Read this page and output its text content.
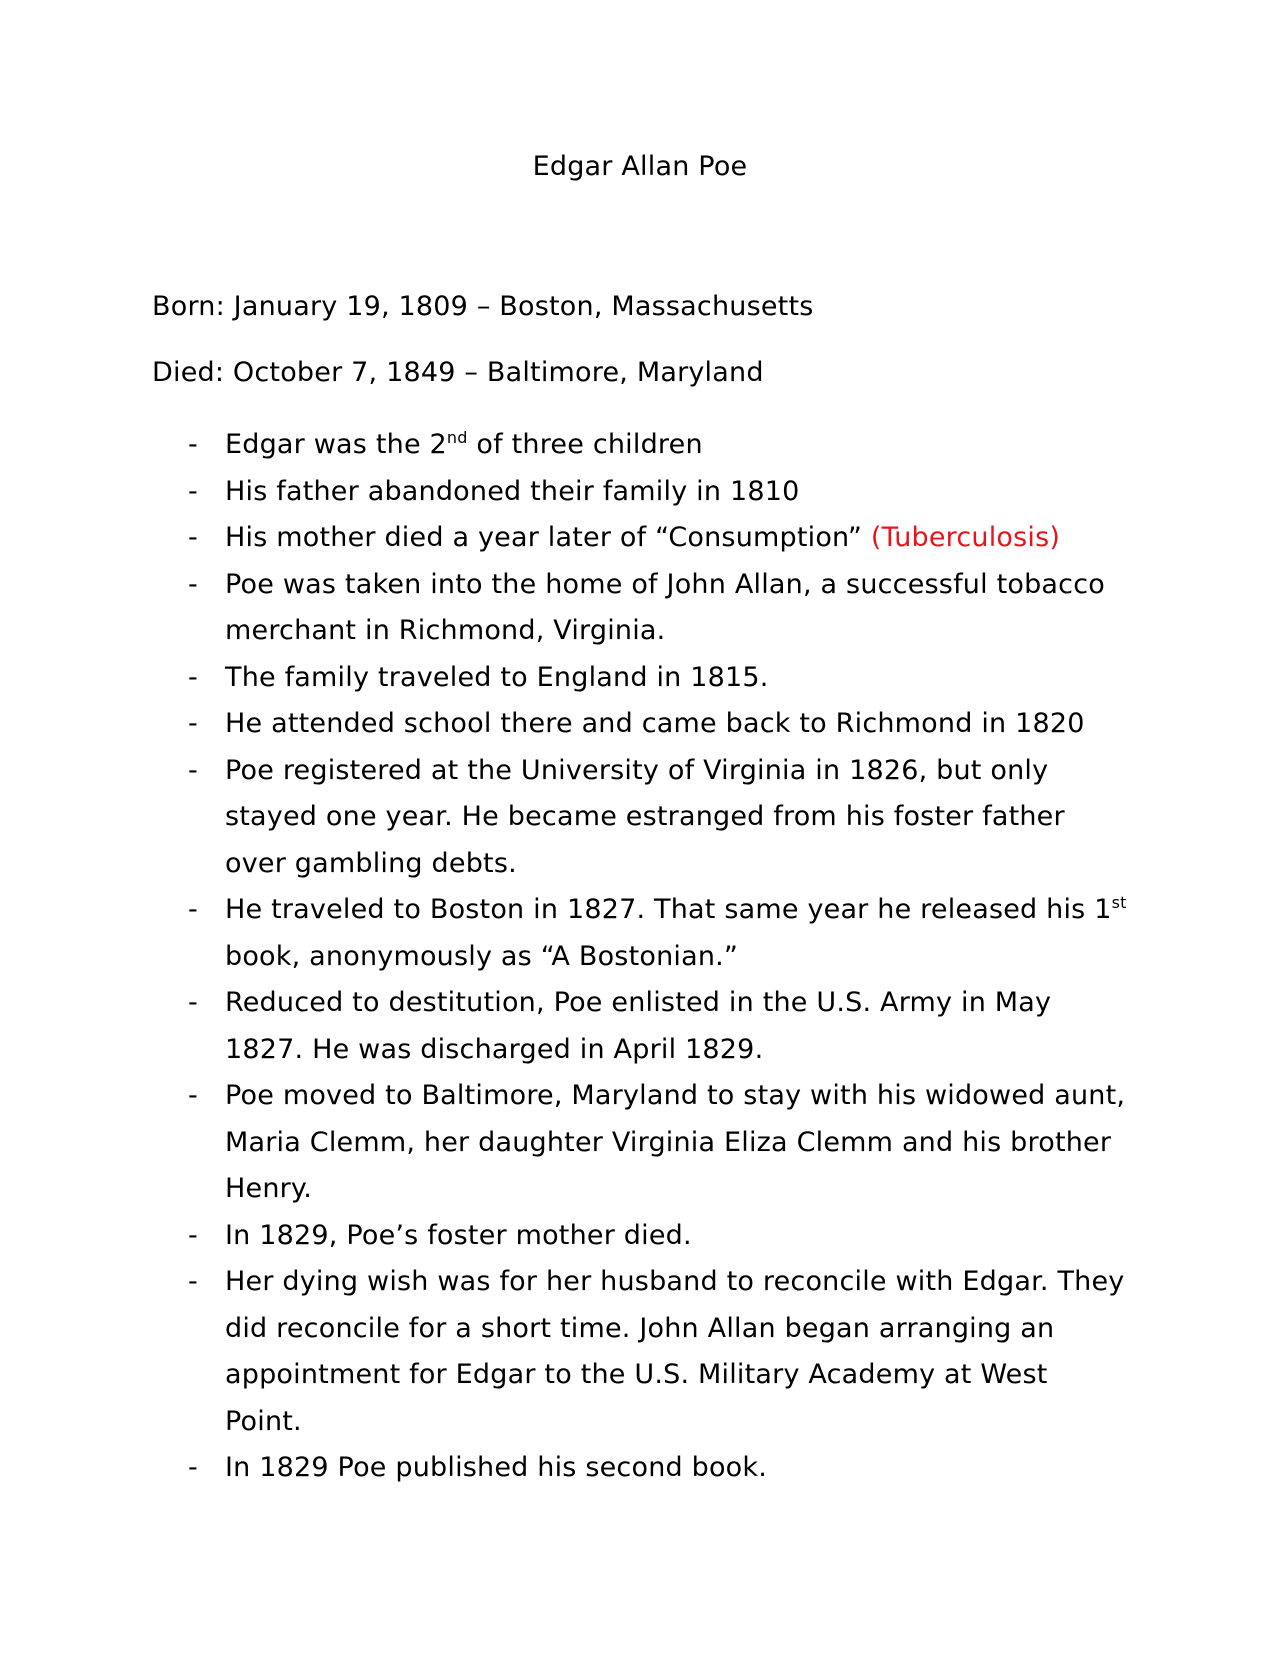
Edgar Allan Poe
Born: January 19, 1809 – Boston, Massachusetts
Died: October 7, 1849 – Baltimore, Maryland
- Edgar was the 2nd of three children
- His father abandoned their family in 1810
- His mother died a year later of “Consumption” (Tuberculosis)
- Poe was taken into the home of John Allan, a successful tobacco merchant in Richmond, Virginia.
- The family traveled to England in 1815.
- He attended school there and came back to Richmond in 1820
- Poe registered at the University of Virginia in 1826, but only stayed one year. He became estranged from his foster father over gambling debts.
- He traveled to Boston in 1827. That same year he released his 1st book, anonymously as “A Bostonian.”
- Reduced to destitution, Poe enlisted in the U.S. Army in May 1827. He was discharged in April 1829.
- Poe moved to Baltimore, Maryland to stay with his widowed aunt, Maria Clemm, her daughter Virginia Eliza Clemm and his brother Henry.
- In 1829, Poe’s foster mother died.
- Her dying wish was for her husband to reconcile with Edgar. They did reconcile for a short time. John Allan began arranging an appointment for Edgar to the U.S. Military Academy at West Point.
- In 1829 Poe published his second book.
